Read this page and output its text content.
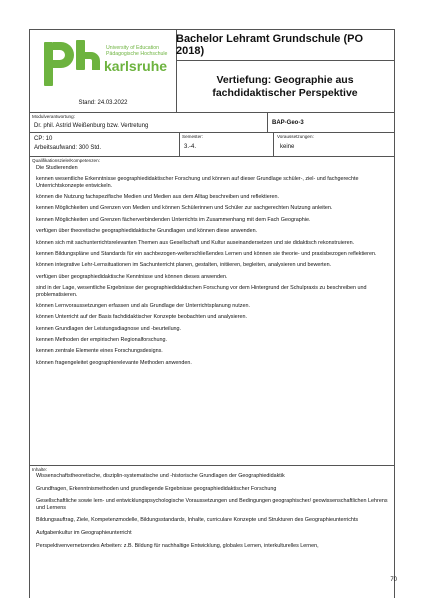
University of Education
Pädagogische Hochschule
karlsruhe
Stand: 24.03.2022
Bachelor Lehramt Grundschule (PO 2018)
Vertiefung: Geographie aus fachdidaktischer Perspektive
Modulverantwortung:
Dr. phil. Astrid Weißenburg bzw. Vertretung	BAP-Geo-3
CP: 10
Arbeitsaufwand: 300 Std.
Semester:
3.-4.
Voraussetzungen:
keine
Qualifikationsziele/Kompetenzen:

Die Studierenden

kennen wesentliche Erkenntnisse geographiedidaktischer Forschung und können auf dieser Grundlage schüler-, ziel- und fachgerechte Unterrichtskonzepte entwickeln.

können die Nutzung fachspezifische Medien und Medien aus dem Alltag beschreiben und reflektieren.

kennen Möglichkeiten und Grenzen von Medien und können Schülerinnen und Schüler zur sachgerechten Nutzung anleiten.

kennen Möglichkeiten und Grenzen fächerverbindenden Unterrichts im Zusammenhang mit dem Fach Geographie.

verfügen über theoretische geographiedidaktische Grundlagen und können diese anwenden.

können sich mit sachunterrichtsrelevanten Themen aus Gesellschaft und Kultur auseinandersetzen und sie didaktisch rekonstruieren.

kennen Bildungspläne und Standards für ein sachbezogen-welterschließendes Lernen und können sie theorie- und praxisbezogen reflektieren.

können integrative Lehr-Lernsituationen im Sachunterricht planen, gestalten, initiieren, begleiten, analysieren und bewerten.

verfügen über geographiedidaktische Kenntnisse und können dieses anwenden.

sind in der Lage, wesentliche Ergebnisse der geographiedidaktischen Forschung vor dem Hintergrund der Schulpraxis zu beschreiben und problematisieren.

können Lernvoraussetzungen erfassen und als Grundlage der Unterrichtsplanung nutzen.

können Unterricht auf der Basis fachdidaktischer Konzepte beobachten und analysieren.

kennen Grundlagen der Leistungsdiagnose und -beurteilung.

kennen Methoden der empirischen Regionalforschung.

kennen zentrale Elemente eines Forschungsdesigns.

können fragengeleitet geographierelevante Methoden anwenden.

Inhalte:

Wissenschaftstheoretische, disziplin-systematische und -historische Grundlagen der Geographiedidaktik

Grundfragen, Erkenntnismethoden und grundlegende Ergebnisse geographiedidaktischer Forschung

Gesellschaftliche sowie lern- und entwicklungspsychologische Voraussetzungen und Bedingungen geographischer/ geowissenschaftlichen Lehrens und Lernens

Bildungsauftrag, Ziele, Kompetenzmodelle, Bildungsstandards, Inhalte, curriculare Konzepte und Strukturen des Geographieunterrichts

Aufgabenkultur im Geographieunterricht

Perspektivenvernetzendes Arbeiten: z.B. Bildung für nachhaltige Entwicklung, globales Lernen, interkulturelles Lernen,

70
